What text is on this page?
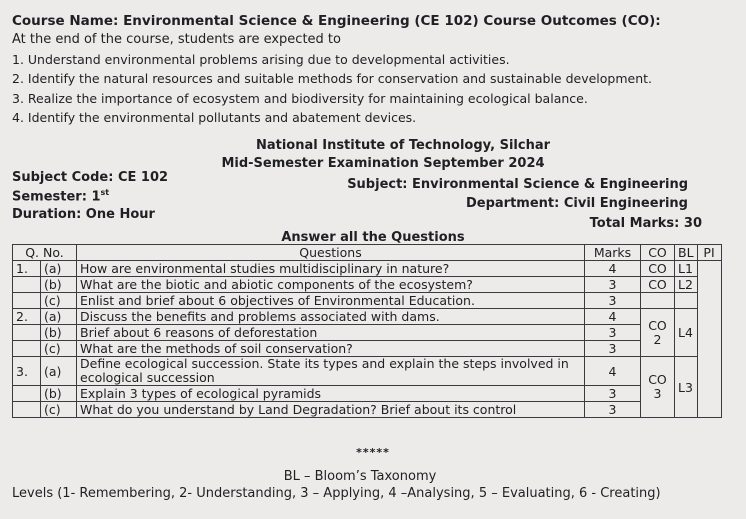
Course Name: Environmental Science & Engineering (CE 102) Course Outcomes (CO):
At the end of the course, students are expected to
1. Understand environmental problems arising due to developmental activities.
2. Identify the natural resources and suitable methods for conservation and sustainable development.
3. Realize the importance of ecosystem and biodiversity for maintaining ecological balance.
4. Identify the environmental pollutants and abatement devices.
National Institute of Technology, Silchar
Mid-Semester Examination September 2024
Subject Code: CE 102
Semester: 1st
Duration: One Hour
Subject: Environmental Science & Engineering
Department: Civil Engineering
Total Marks: 30
Answer all the Questions
Q. No.		Questions	Marks	CO	BL	PI
1.	(a)	How are environmental studies multidisciplinary in nature?	4	CO	L1	
	(b)	What are the biotic and abiotic components of the ecosystem?	3	CO	L2	
	(c)	Enlist and brief about 6 objectives of Environmental Education.	3			
2.	(a)	Discuss the benefits and problems associated with dams.	4	CO 2	L4	
	(b)	Brief about 6 reasons of deforestation	3			
	(c)	What are the methods of soil conservation?	3			
3.	(a)	Define ecological succession. State its types and explain the steps involved in ecological succession	4	CO 3	L3	
	(b)	Explain 3 types of ecological pyramids	3			
	(c)	What do you understand by Land Degradation? Brief about its control	3			
*****
BL – Bloom’s Taxonomy
Levels (1- Remembering, 2- Understanding, 3 – Applying, 4 –Analysing, 5 – Evaluating, 6 - Creating)
